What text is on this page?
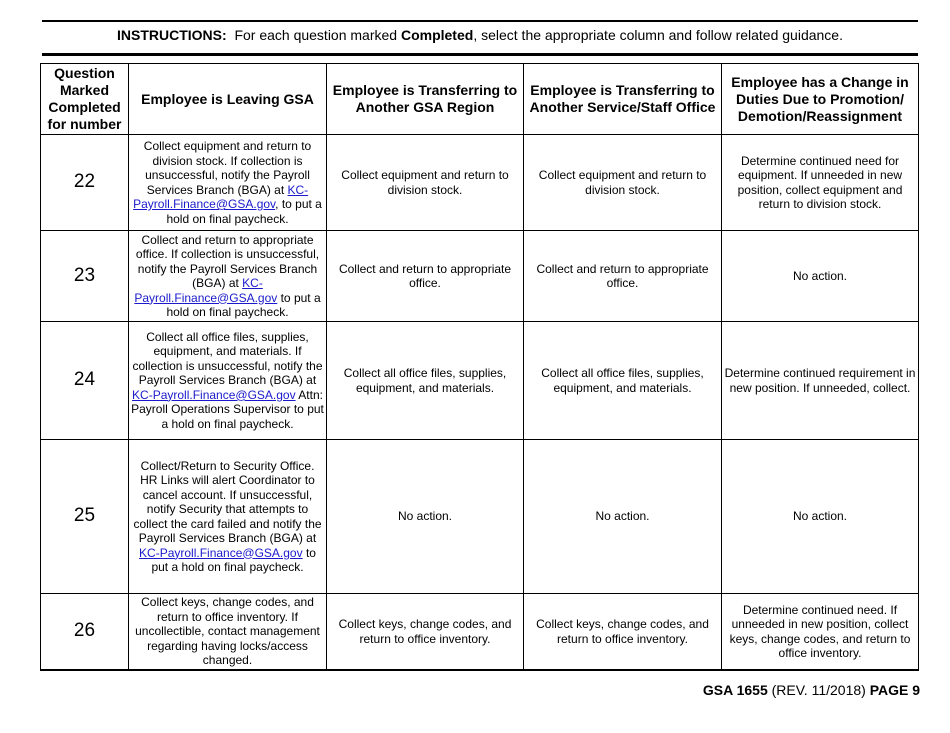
INSTRUCTIONS: For each question marked Completed, select the appropriate column and follow related guidance.
Question Marked Completed for number	Employee is Leaving GSA	Employee is Transferring to Another GSA Region	Employee is Transferring to Another Service/Staff Office	Employee has a Change in Duties Due to Promotion/ Demotion/Reassignment
22	Collect equipment and return to division stock. If collection is unsuccessful, notify the Payroll Services Branch (BGA) at KC-Payroll.Finance@GSA.gov, to put a hold on final paycheck.	Collect equipment and return to division stock.	Collect equipment and return to division stock.	Determine continued need for equipment. If unneeded in new position, collect equipment and return to division stock.
23	Collect and return to appropriate office. If collection is unsuccessful, notify the Payroll Services Branch (BGA) at KC-Payroll.Finance@GSA.gov to put a hold on final paycheck.	Collect and return to appropriate office.	Collect and return to appropriate office.	No action.
24	Collect all office files, supplies, equipment, and materials. If collection is unsuccessful, notify the Payroll Services Branch (BGA) at KC-Payroll.Finance@GSA.gov Attn: Payroll Operations Supervisor to put a hold on final paycheck.	Collect all office files, supplies, equipment, and materials.	Collect all office files, supplies, equipment, and materials.	Determine continued requirement in new position. If unneeded, collect.
25	Collect/Return to Security Office. HR Links will alert Coordinator to cancel account. If unsuccessful, notify Security that attempts to collect the card failed and notify the Payroll Services Branch (BGA) at KC-Payroll.Finance@GSA.gov to put a hold on final paycheck.	No action.	No action.	No action.
26	Collect keys, change codes, and return to office inventory. If uncollectible, contact management regarding having locks/access changed.	Collect keys, change codes, and return to office inventory.	Collect keys, change codes, and return to office inventory.	Determine continued need. If unneeded in new position, collect keys, change codes, and return to office inventory.
GSA 1655 (REV. 11/2018) PAGE 9
